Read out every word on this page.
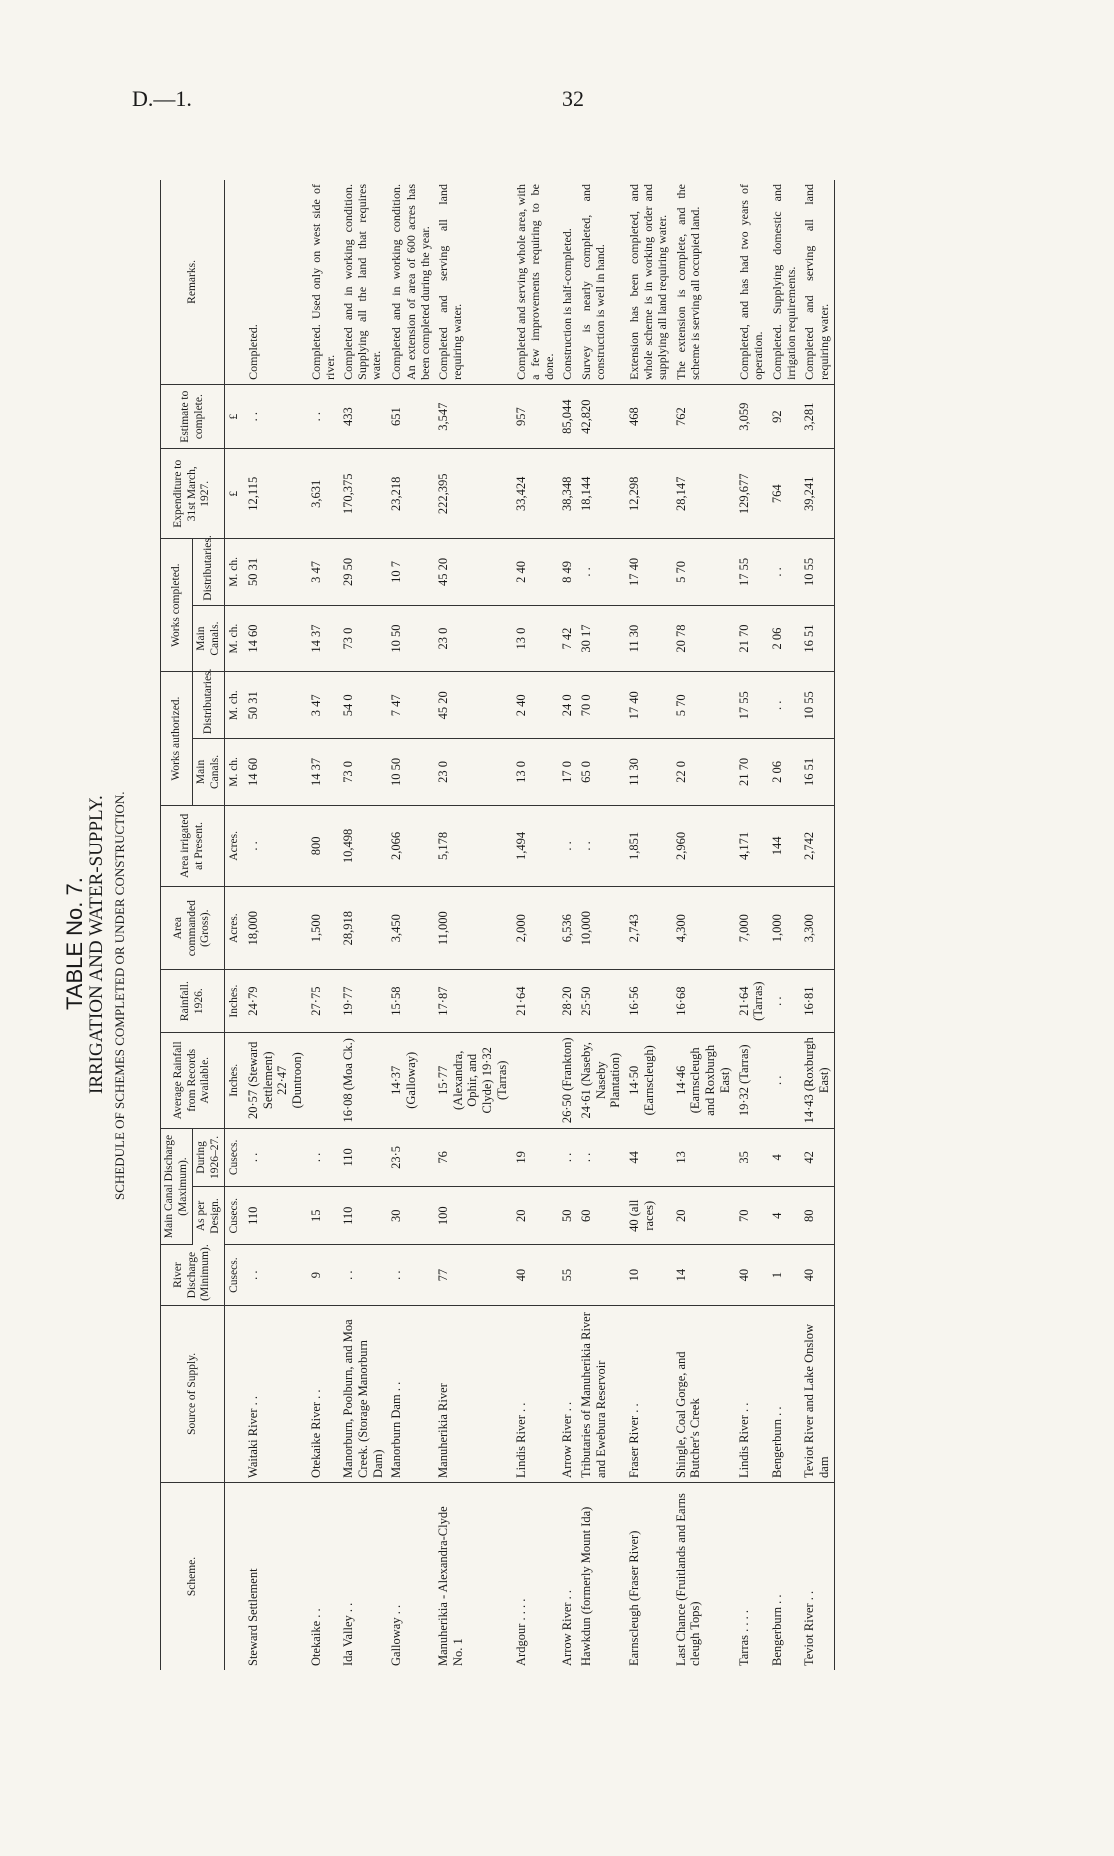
D.—1.	32
TABLE No. 7. IRRIGATION AND WATER-SUPPLY. SCHEDULE OF SCHEMES COMPLETED OR UNDER CONSTRUCTION.
Scheme.	Source of Supply.	River Discharge (Minimum).	Main Canal Discharge (Maximum).		Average Rainfall from Records Available.	Rainfall. 1926.	Area commanded (Gross).	Area irrigated at Present.	Works authorized.		Works completed.		Expenditure to 31st March, 1927.	Estimate to complete.	Remarks.
			As per Design.	During 1926–27.					Main Canals.	Distributaries.	Main Canals.	Distributaries.			
		Cusecs.	Cusecs.	Cusecs.	Inches.	Inches.	Acres.	Acres.	M. ch.	M. ch.	M. ch.	M. ch.	£	£	
Steward Settlement	Waitaki River . .	. .	110	. .	20·57 (Steward Settlement) 22·47 (Duntroon)	24·79	18,000	. .	14 60	50 31	14 60	50 31	12,115	. .	Completed.
Otekaike . .	Otekaike River . .	9	15	. .		27·75	1,500	800	14 37	3 47	14 37	3 47	3,631	. .	Completed. Used only on west side of river.
Ida Valley . .	Manorburn, Poolburn, and Moa Creek. (Storage Manorburn Dam)	. .	110	110	16·08 (Moa Ck.)	19·77	28,918	10,498	73 0	54 0	73 0	29 50	170,375	433	Completed and in working condition. Supplying all the land that requires water.
Galloway . .	Manorburn Dam . .	. .	30	23·5	14·37 (Galloway)	15·58	3,450	2,066	10 50	7 47	10 50	10 7	23,218	651	Completed and in working condition. An extension of area of 600 acres has been completed during the year.
Manuherikia - Alexandra-Clyde No. 1	Manuherikia River	77	100	76	15·77 (Alexandra, Ophir, and Clyde) 19·32 (Tarras)	17·87	11,000	5,178	23 0	45 20	23 0	45 20	222,395	3,547	Completed and serving all land requiring water.
Ardgour . . . .	Lindis River . .	40	20	19		21·64	2,000	1,494	13 0	2 40	13 0	2 40	33,424	957	Completed and serving whole area, with a few improvements requiring to be done.
Arrow River . .	Arrow River . .	55	50	. .	26·50 (Frankton)	28·20	6,536	. .	17 0	24 0	7 42	8 49	38,348	85,044	Construction is half-completed.
Hawkdun (formerly Mount Ida)	Tributaries of Manuherikia River and Ewebura Reservoir		60	. .	24·61 (Naseby, Naseby Plantation)	25·50	10,000	. .	65 0	70 0	30 17	. .	18,144	42,820	Survey is nearly completed, and construction is well in hand.
Earnscleugh (Fraser River)	Fraser River . .	10	40 (all races)	44	14·50 (Earnscleugh)	16·56	2,743	1,851	11 30	17 40	11 30	17 40	12,298	468	Extension has been completed, and whole scheme is in working order and supplying all land requiring water.
Last Chance (Fruitlands and Earns cleugh Tops)	Shingle, Coal Gorge, and Butcher's Creek	14	20	13	14·46 (Earnscleugh and Roxburgh East)	16·68	4,300	2,960	22 0	5 70	20 78	5 70	28,147	762	The extension is complete, and the scheme is serving all occupied land.
Tarras . . . .	Lindis River . .	40	70	35	19·32 (Tarras)	21·64 (Tarras)	7,000	4,171	21 70	17 55	21 70	17 55	129,677	3,059	Completed, and has had two years of operation.
Bengerburn . .	Bengerburn . .	1	4	4	. .	. .	1,000	144	2 06	. .	2 06	. .	764	92	Completed. Supplying domestic and irrigation requirements.
Teviot River . .	Teviot River and Lake Onslow dam	40	80	42	14·43 (Roxburgh East)	16·81	3,300	2,742	16 51	10 55	16 51	10 55	39,241	3,281	Completed and serving all land requiring water.
